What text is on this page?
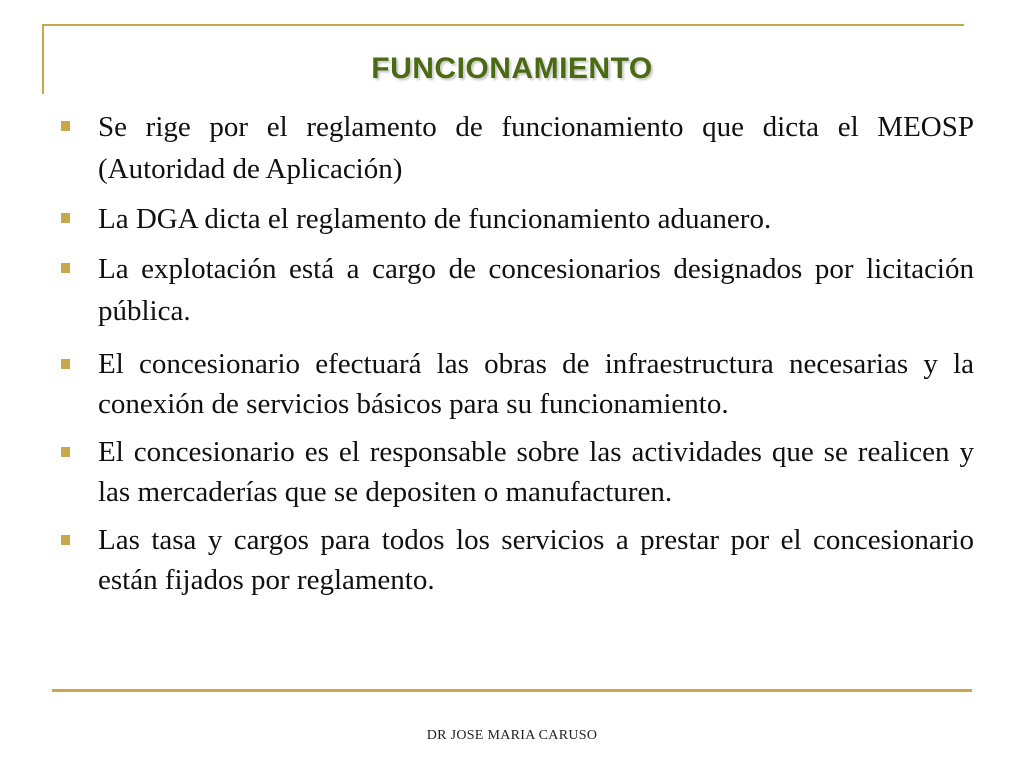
FUNCIONAMIENTO
Se rige por el reglamento de funcionamiento que dicta el MEOSP (Autoridad de Aplicación)
La DGA dicta el reglamento de funcionamiento aduanero.
La explotación está a cargo de concesionarios designados por licitación pública.
El concesionario efectuará las obras de infraestructura necesarias y la conexión de servicios básicos para su funcionamiento.
El concesionario es el responsable sobre las actividades que se realicen y las mercaderías que se depositen o manufacturen.
Las tasa y cargos para todos los servicios a prestar por el concesionario están fijados por reglamento.
DR JOSE MARIA CARUSO
